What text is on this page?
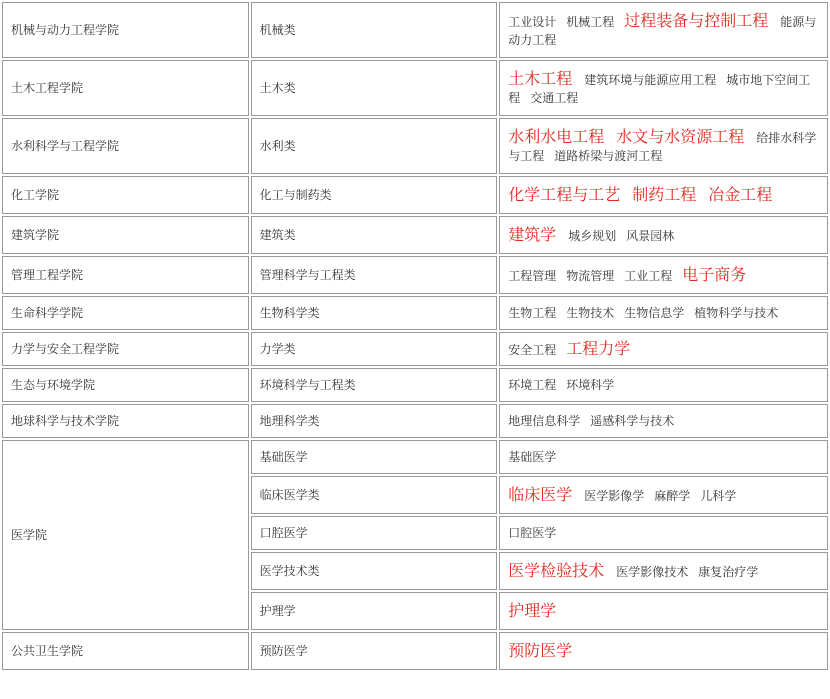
机械与动力工程学院	机械类	工业设计 机械工程 过程装备与控制工程 能源与动力工程
土木工程学院	土木类	土木工程 建筑环境与能源应用工程 城市地下空间工程 交通工程
水利科学与工程学院	水利类	水利水电工程 水文与水资源工程 给排水科学与工程 道路桥梁与渡河工程
化工学院	化工与制药类	化学工程与工艺 制药工程 冶金工程
建筑学院	建筑类	建筑学 城乡规划 风景园林
管理工程学院	管理科学与工程类	工程管理 物流管理 工业工程 电子商务
生命科学学院	生物科学类	生物工程 生物技术 生物信息学 植物科学与技术
力学与安全工程学院	力学类	安全工程 工程力学
生态与环境学院	环境科学与工程类	环境工程 环境科学
地球科学与技术学院	地理科学类	地理信息科学 遥感科学与技术
医学院	基础医学	基础医学
	临床医学类	临床医学 医学影像学 麻醉学 儿科学
	口腔医学	口腔医学
	医学技术类	医学检验技术 医学影像技术 康复治疗学
	护理学	护理学
公共卫生学院	预防医学	预防医学
